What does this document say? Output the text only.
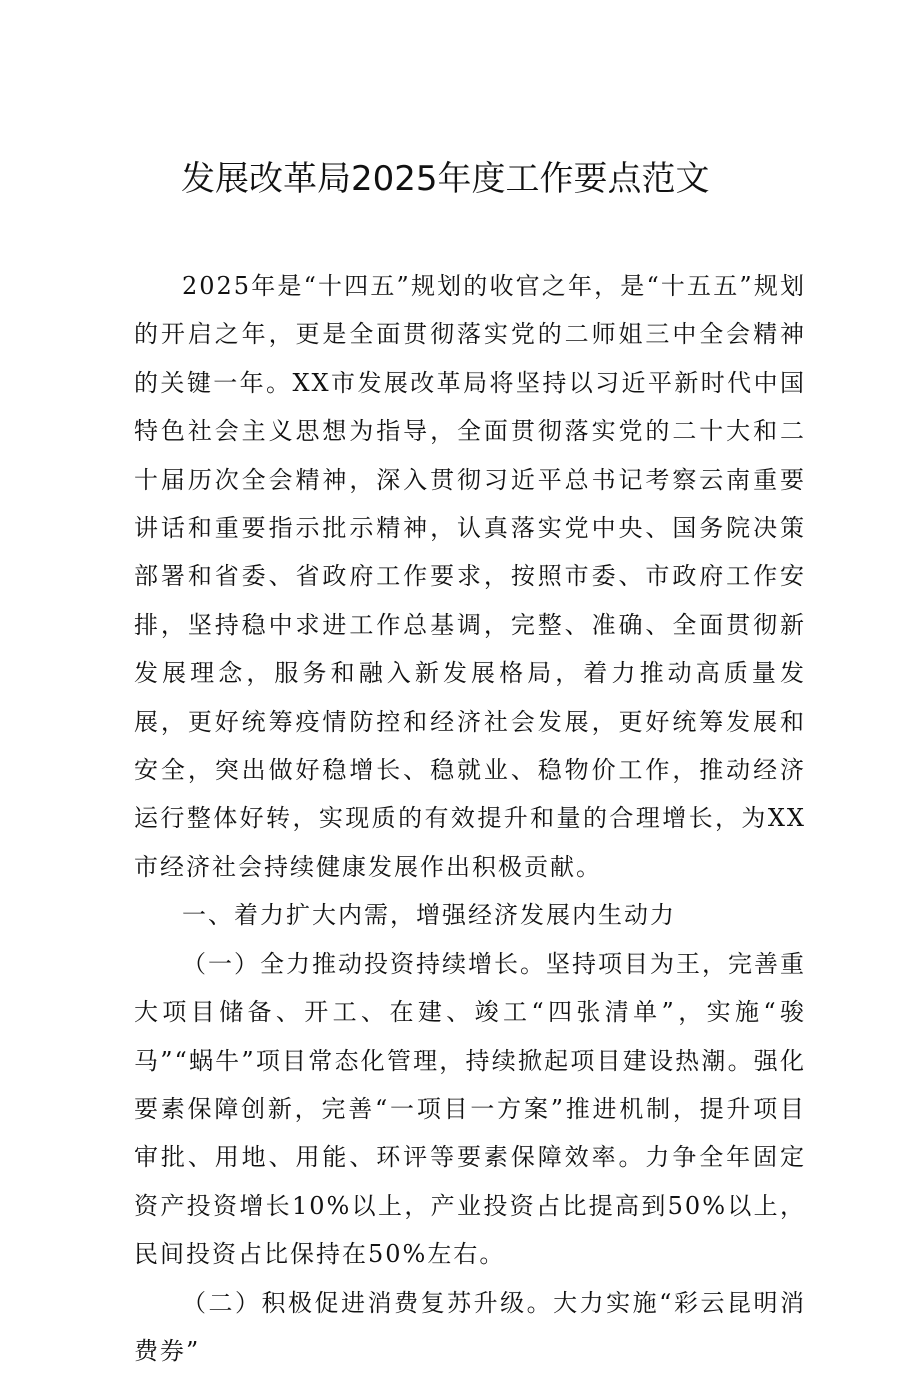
发展改革局2025年度工作要点范文

2025年是“十四五”规划的收官之年，是“十五五”规划的开启之年，更是全面贯彻落实党的二师姐三中全会精神的关键一年。XX市发展改革局将坚持以习近平新时代中国特色社会主义思想为指导，全面贯彻落实党的二十大和二十届历次全会精神，深入贯彻习近平总书记考察云南重要讲话和重要指示批示精神，认真落实党中央、国务院决策部署和省委、省政府工作要求，按照市委、市政府工作安排，坚持稳中求进工作总基调，完整、准确、全面贯彻新发展理念，服务和融入新发展格局，着力推动高质量发展，更好统筹疫情防控和经济社会发展，更好统筹发展和安全，突出做好稳增长、稳就业、稳物价工作，推动经济运行整体好转，实现质的有效提升和量的合理增长，为XX市经济社会持续健康发展作出积极贡献。

一、着力扩大内需，增强经济发展内生动力

（一）全力推动投资持续增长。坚持项目为王，完善重大项目储备、开工、在建、竣工“四张清单”，实施“骏马”“蜗牛”项目常态化管理，持续掀起项目建设热潮。强化要素保障创新，完善“一项目一方案”推进机制，提升项目审批、用地、用能、环评等要素保障效率。力争全年固定资产投资增长10%以上，产业投资占比提高到50%以上，民间投资占比保持在50%左右。

（二）积极促进消费复苏升级。大力实施“彩云昆明消费券”
